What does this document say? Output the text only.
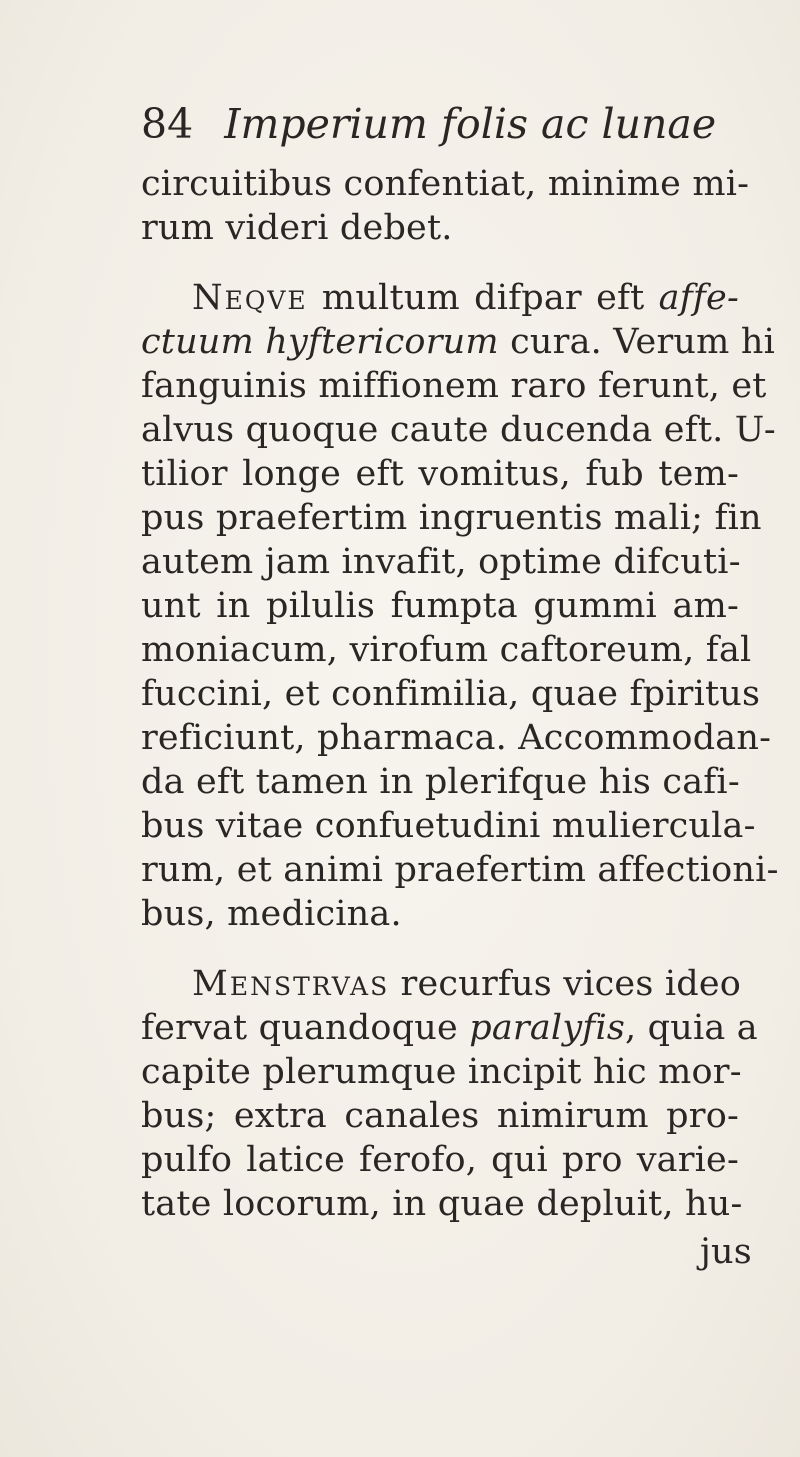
84 Imperium folis ac lunae
circuitibus confentiat, minime mi-
rum videri debet.
Neqve multum difpar eft affe-
ctuum hyftericorum cura. Verum hi
fanguinis miffionem raro ferunt, et
alvus quoque caute ducenda eft. U-
tilior longe eft vomitus, fub tem-
pus praefertim ingruentis mali; fin
autem jam invafit, optime difcuti-
unt in pilulis fumpta gummi am-
moniacum, virofum caftoreum, fal
fuccini, et confimilia, quae fpiritus
reficiunt, pharmaca. Accommodan-
da eft tamen in plerifque his cafi-
bus vitae confuetudini muliercula-
rum, et animi praefertim affectioni-
bus, medicina.
Menstrvas recurfus vices ideo
fervat quandoque paralyfis, quia a
capite plerumque incipit hic mor-
bus; extra canales nimirum pro-
pulfo latice ferofo, qui pro varie-
tate locorum, in quae depluit, hu-
jus
